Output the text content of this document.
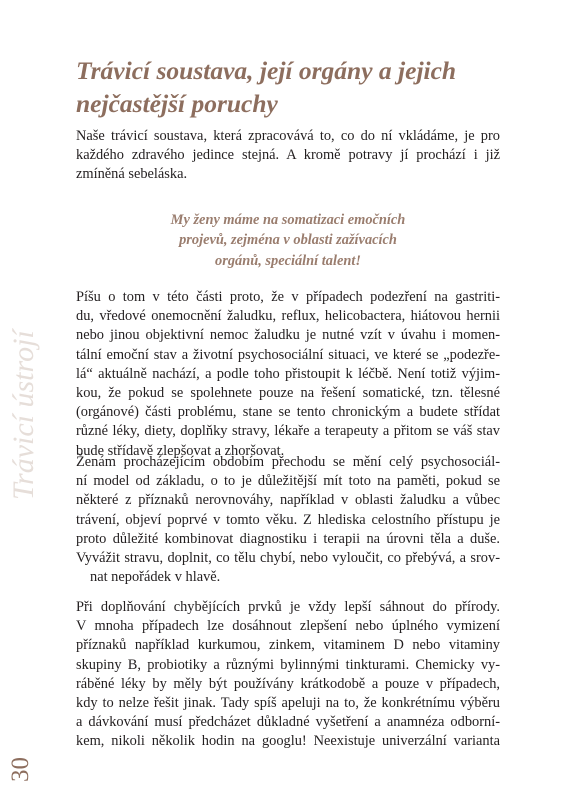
Trávicí ústrojí
Trávicí soustava, její orgány a jejich
nejčastější poruchy

Naše trávicí soustava, která zpracovává to, co do ní vkládáme, je pro
každého zdravého jedince stejná. A kromě potravy jí prochází i již
zmíněná sebeláska.

My ženy máme na somatizaci emočních
projevů, zejména v oblasti zažívacích
orgánů, speciální talent!

Píšu o tom v této části proto, že v případech podezření na gastriti-
du, vředové onemocnění žaludku, reflux, helicobactera, hiátovou hernii
nebo jinou objektivní nemoc žaludku je nutné vzít v úvahu i momen-
tální emoční stav a životní psychosociální situaci, ve které se „podezře-
lá“ aktuálně nachází, a podle toho přistoupit k léčbě. Není totiž výjim-
kou, že pokud se spolehnete pouze na řešení somatické, tzn. tělesné
(orgánové) části problému, stane se tento chronickým a budete střídat
různé léky, diety, doplňky stravy, lékaře a terapeuty a přitom se váš stav
bude střídavě zlepšovat a zhoršovat.

Ženám procházejícím obdobím přechodu se mění celý psychosociál-
ní model od základu, o to je důležitější mít toto na paměti, pokud se
některé z příznaků nerovnováhy, například v oblasti žaludku a vůbec
trávení, objeví poprvé v tomto věku. Z hlediska celostního přístupu je
proto důležité kombinovat diagnostiku i terapii na úrovni těla a duše.
Vyvážit stravu, doplnit, co tělu chybí, nebo vyloučit, co přebývá, a srov-
nat nepořádek v hlavě.

Při doplňování chybějících prvků je vždy lepší sáhnout do přírody.
V mnoha případech lze dosáhnout zlepšení nebo úplného vymizení
příznaků například kurkumou, zinkem, vitaminem D nebo vitaminy
skupiny B, probiotiky a různými bylinnými tinkturami. Chemicky vy-
ráběné léky by měly být používány krátkodobě a pouze v případech,
kdy to nelze řešit jinak. Tady spíš apeluji na to, že konkrétnímu výběru
a dávkování musí předcházet důkladné vyšetření a anamnéza odborní-
kem, nikoli několik hodin na googlu! Neexistuje univerzální varianta

30
